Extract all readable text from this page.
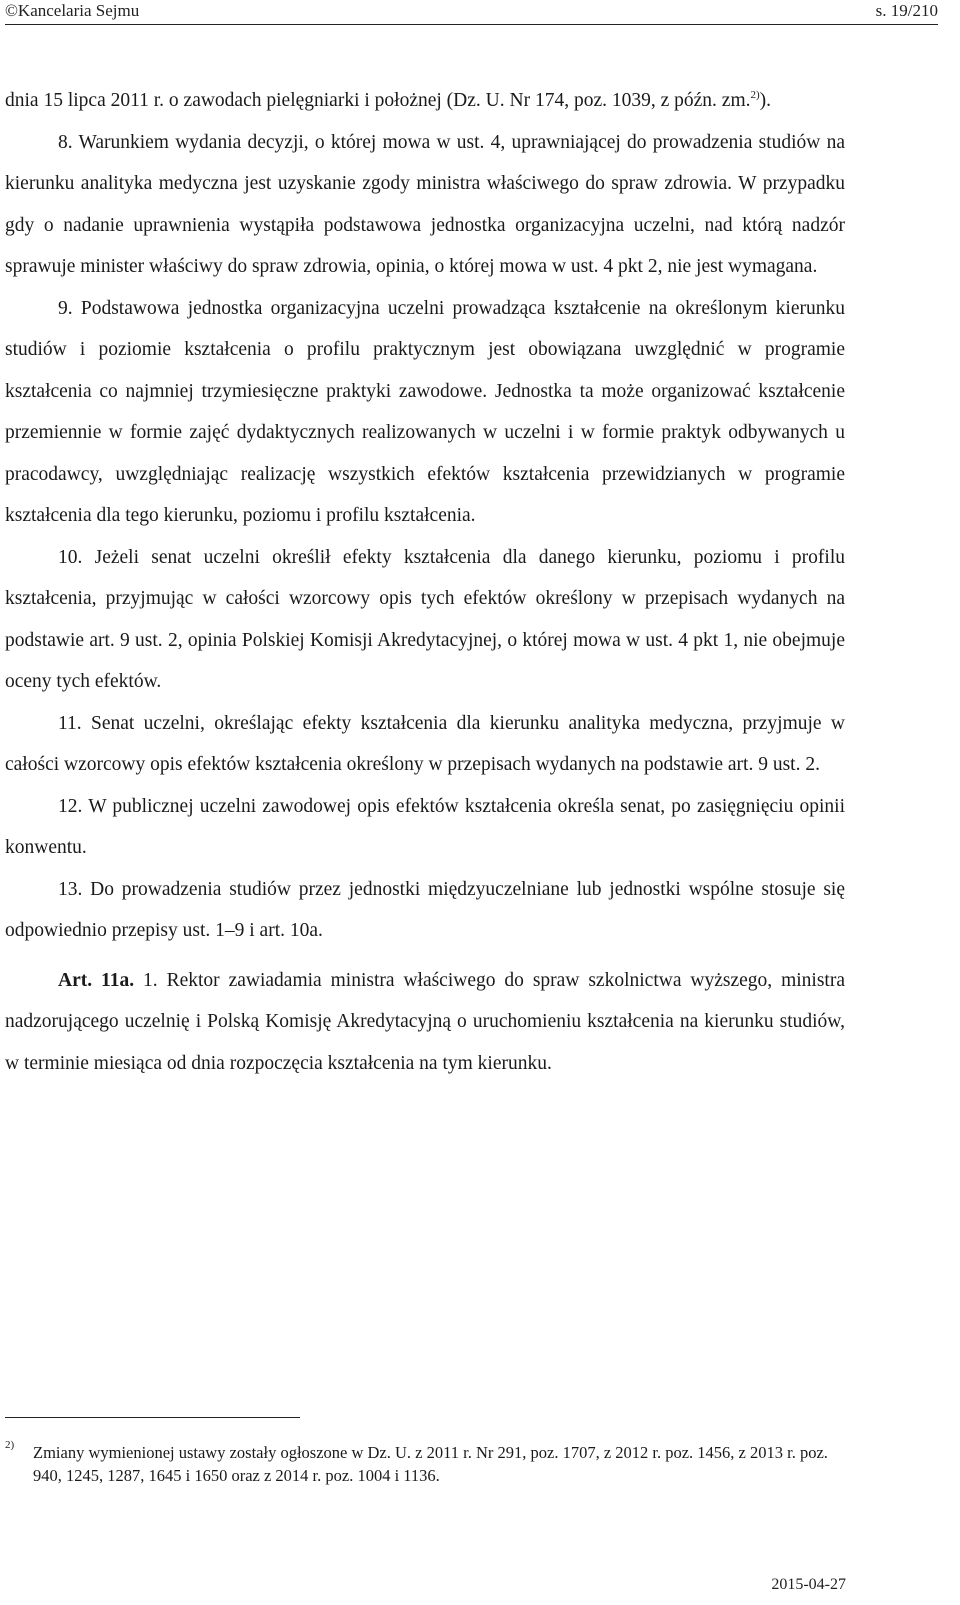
©Kancelaria Sejmu	s. 19/210

dnia 15 lipca 2011 r. o zawodach pielęgniarki i położnej (Dz. U. Nr 174, poz. 1039, z późn. zm.$^{2)}$).

8. Warunkiem wydania decyzji, o której mowa w ust. 4, uprawniającej do prowadzenia studiów na kierunku analityka medyczna jest uzyskanie zgody ministra właściwego do spraw zdrowia. W przypadku gdy o nadanie uprawnienia wystąpiła podstawowa jednostka organizacyjna uczelni, nad którą nadzór sprawuje minister właściwy do spraw zdrowia, opinia, o której mowa w ust. 4 pkt 2, nie jest wymagana.

9. Podstawowa jednostka organizacyjna uczelni prowadząca kształcenie na określonym kierunku studiów i poziomie kształcenia o profilu praktycznym jest obowiązana uwzględnić w programie kształcenia co najmniej trzymiesięczne praktyki zawodowe. Jednostka ta może organizować kształcenie przemiennie w formie zajęć dydaktycznych realizowanych w uczelni i w formie praktyk odbywanych u pracodawcy, uwzględniając realizację wszystkich efektów kształcenia przewidzianych w programie kształcenia dla tego kierunku, poziomu i profilu kształcenia.

10. Jeżeli senat uczelni określił efekty kształcenia dla danego kierunku, poziomu i profilu kształcenia, przyjmując w całości wzorcowy opis tych efektów określony w przepisach wydanych na podstawie art. 9 ust. 2, opinia Polskiej Komisji Akredytacyjnej, o której mowa w ust. 4 pkt 1, nie obejmuje oceny tych efektów.

11. Senat uczelni, określając efekty kształcenia dla kierunku analityka medyczna, przyjmuje w całości wzorcowy opis efektów kształcenia określony w przepisach wydanych na podstawie art. 9 ust. 2.

12. W publicznej uczelni zawodowej opis efektów kształcenia określa senat, po zasięgnięciu opinii konwentu.

13. Do prowadzenia studiów przez jednostki międzyuczelniane lub jednostki wspólne stosuje się odpowiednio przepisy ust. 1–9 i art. 10a.

Art. 11a. 1. Rektor zawiadamia ministra właściwego do spraw szkolnictwa wyższego, ministra nadzorującego uczelnię i Polską Komisję Akredytacyjną o uruchomieniu kształcenia na kierunku studiów, w terminie miesiąca od dnia rozpoczęcia kształcenia na tym kierunku.

2)	Zmiany wymienionej ustawy zostały ogłoszone w Dz. U. z 2011 r. Nr 291, poz. 1707, z 2012 r. poz. 1456, z 2013 r. poz. 940, 1245, 1287, 1645 i 1650 oraz z 2014 r. poz. 1004 i 1136.
2015-04-27
